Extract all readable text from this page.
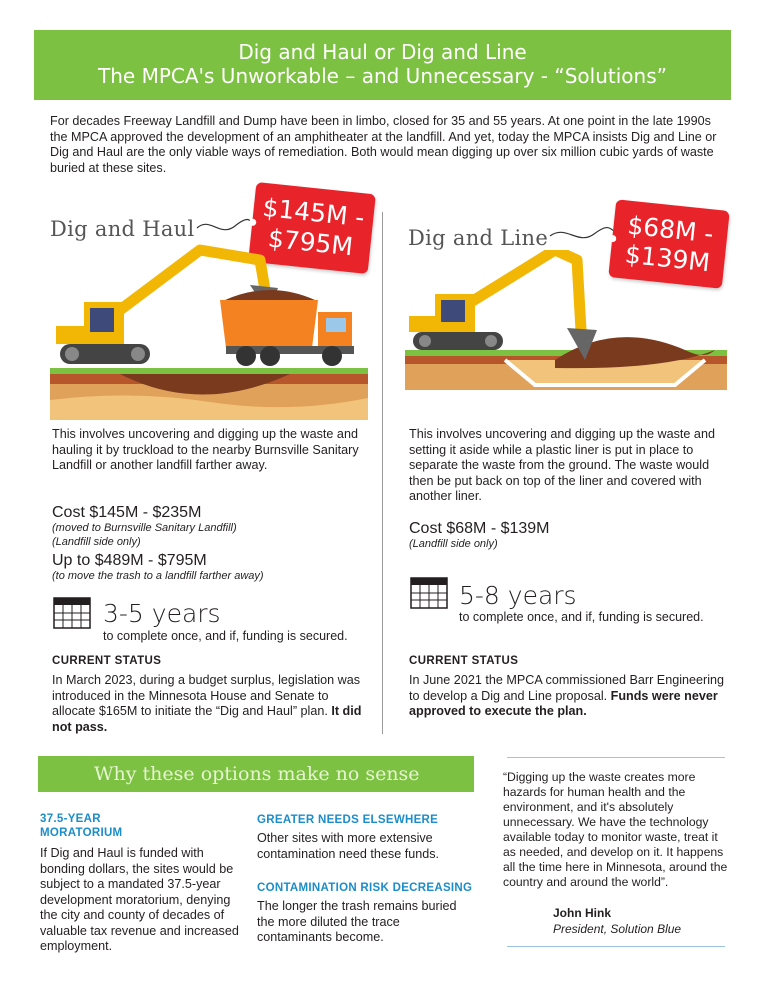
Dig and Haul or Dig and Line
The MPCA's Unworkable – and Unnecessary - “Solutions”
For decades Freeway Landfill and Dump have been in limbo, closed for 35 and 55 years. At one point in the late 1990s the MPCA approved the development of an amphitheater at the landfill. And yet, today the MPCA insists Dig and Line or Dig and Haul are the only viable ways of remediation. Both would mean digging up over six million cubic yards of waste buried at these sites.
Dig and Haul	$145M -
$795M	Dig and Line	$68M -
$139M
This involves uncovering and digging up the waste and hauling it by truckload to the nearby Burnsville Sanitary Landfill or another landfill farther away.
Cost $145M - $235M
(moved to Burnsville Sanitary Landfill)
(Landfill side only)
Up to $489M - $795M
(to move the trash to a landfill farther away)
3-5 years
to complete once, and if, funding is secured.
CURRENT STATUS
In March 2023, during a budget surplus, legislation was introduced in the Minnesota House and Senate to allocate $165M to initiate the “Dig and Haul” plan. It did not pass.
This involves uncovering and digging up the waste and setting it aside while a plastic liner is put in place to separate the waste from the ground. The waste would then be put back on top of the liner and covered with another liner.
Cost $68M - $139M
(Landfill side only)
5-8 years
to complete once, and if, funding is secured.
CURRENT STATUS
In June 2021 the MPCA commissioned Barr Engineering to develop a Dig and Line proposal. Funds were never approved to execute the plan.
Why these options make no sense
37.5-YEAR
MORATORIUM
If Dig and Haul is funded with bonding dollars, the sites would be subject to a mandated 37.5-year development moratorium, denying the city and county of decades of valuable tax revenue and increased employment.
GREATER NEEDS ELSEWHERE
Other sites with more extensive contamination need these funds.
CONTAMINATION RISK DECREASING
The longer the trash remains buried the more diluted the trace contaminants become.
“Digging up the waste creates more hazards for human health and the environment, and it's absolutely unnecessary. We have the technology available today to monitor waste, treat it as needed, and develop on it. It happens all the time here in Minnesota, around the country and around the world”.
John Hink
President, Solution Blue
